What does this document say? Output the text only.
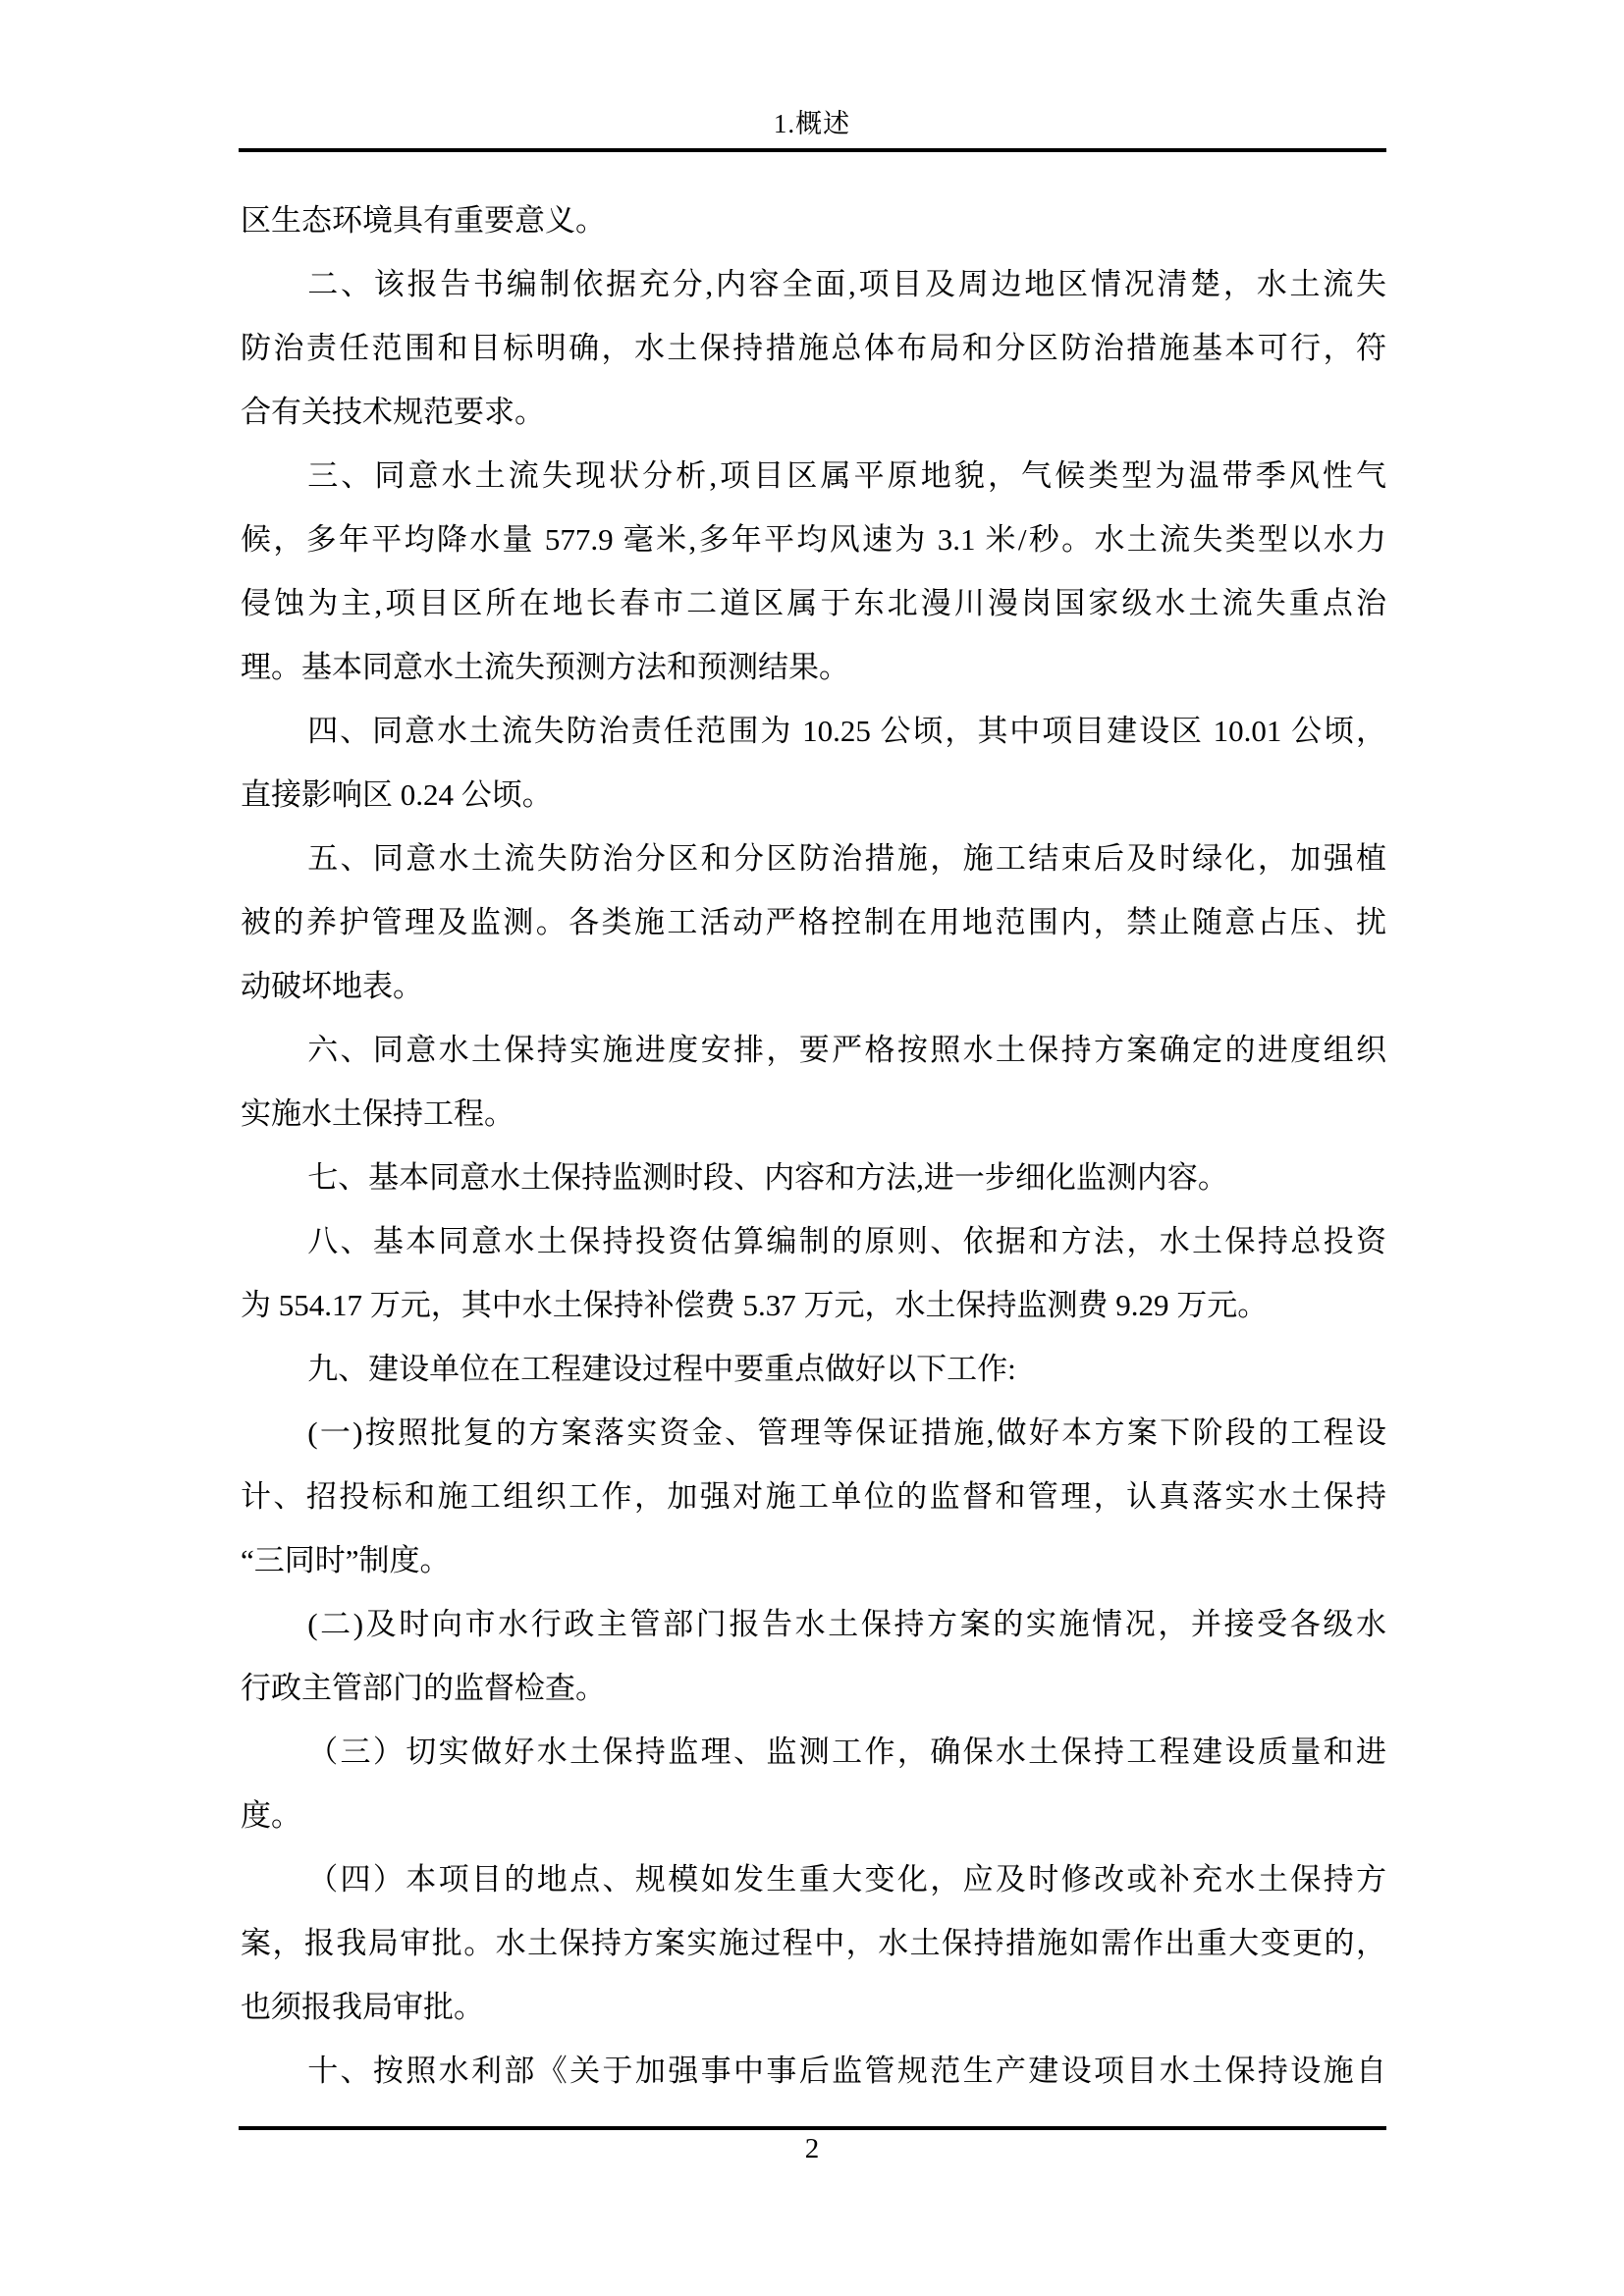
1.概述
区生态环境具有重要意义。
二、该报告书编制依据充分,内容全面,项目及周边地区情况清楚，水土流失
防治责任范围和目标明确，水土保持措施总体布局和分区防治措施基本可行，符
合有关技术规范要求。
三、同意水土流失现状分析,项目区属平原地貌，气候类型为温带季风性气
候，多年平均降水量 577.9 毫米,多年平均风速为 3.1 米/秒。水土流失类型以水力
侵蚀为主,项目区所在地长春市二道区属于东北漫川漫岗国家级水土流失重点治
理。基本同意水土流失预测方法和预测结果。
四、同意水土流失防治责任范围为 10.25 公顷，其中项目建设区 10.01 公顷，
直接影响区 0.24 公顷。
五、同意水土流失防治分区和分区防治措施，施工结束后及时绿化，加强植
被的养护管理及监测。各类施工活动严格控制在用地范围内，禁止随意占压、扰
动破坏地表。
六、同意水土保持实施进度安排，要严格按照水土保持方案确定的进度组织
实施水土保持工程。
七、基本同意水土保持监测时段、内容和方法,进一步细化监测内容。
八、基本同意水土保持投资估算编制的原则、依据和方法，水土保持总投资
为 554.17 万元，其中水土保持补偿费 5.37 万元，水土保持监测费 9.29 万元。
九、建设单位在工程建设过程中要重点做好以下工作:
(一)按照批复的方案落实资金、管理等保证措施,做好本方案下阶段的工程设
计、招投标和施工组织工作，加强对施工单位的监督和管理，认真落实水土保持
“三同时”制度。
(二)及时向市水行政主管部门报告水土保持方案的实施情况，并接受各级水
行政主管部门的监督检查。
（三）切实做好水土保持监理、监测工作，确保水土保持工程建设质量和进
度。
（四）本项目的地点、规模如发生重大变化，应及时修改或补充水土保持方
案，报我局审批。水土保持方案实施过程中，水土保持措施如需作出重大变更的，
也须报我局审批。
十、按照水利部《关于加强事中事后监管规范生产建设项目水土保持设施自
2
